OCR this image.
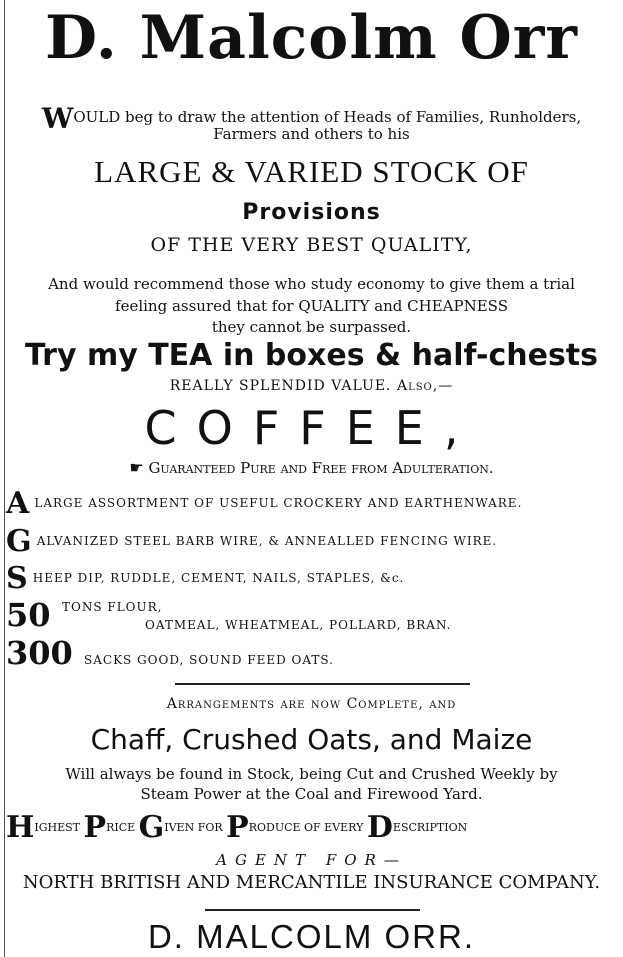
D. Malcolm Orr
WOULD beg to draw the attention of Heads of Families, Runholders,
Farmers and others to his
LARGE & VARIED STOCK OF
Provisions
OF THE VERY BEST QUALITY,
And would recommend those who study economy to give them a trial
feeling assured that for QUALITY and CHEAPNESS
they cannot be surpassed.
Try my TEA in boxes & half-chests
REALLY SPLENDID VALUE. Also,—
COFFEE,
☛ Guaranteed Pure and Free from Adulteration.
A LARGE ASSORTMENT OF USEFUL CROCKERY AND EARTHENWARE.
G ALVANIZED STEEL BARB WIRE, & ANNEALLED FENCING WIRE.
S HEEP DIP, RUDDLE, CEMENT, NAILS, STAPLES, &c.
50 TONS FLOUR,
OATMEAL, WHEATMEAL, POLLARD, BRAN.
300 SACKS GOOD, SOUND FEED OATS.
Arrangements are now Complete, and
Chaff, Crushed Oats, and Maize
Will always be found in Stock, being Cut and Crushed Weekly by
Steam Power at the Coal and Firewood Yard.
HIGHEST PRICE GIVEN FOR PRODUCE OF EVERY DESCRIPTION
AGENT FOR—
NORTH BRITISH AND MERCANTILE INSURANCE COMPANY.
D. MALCOLM ORR.
